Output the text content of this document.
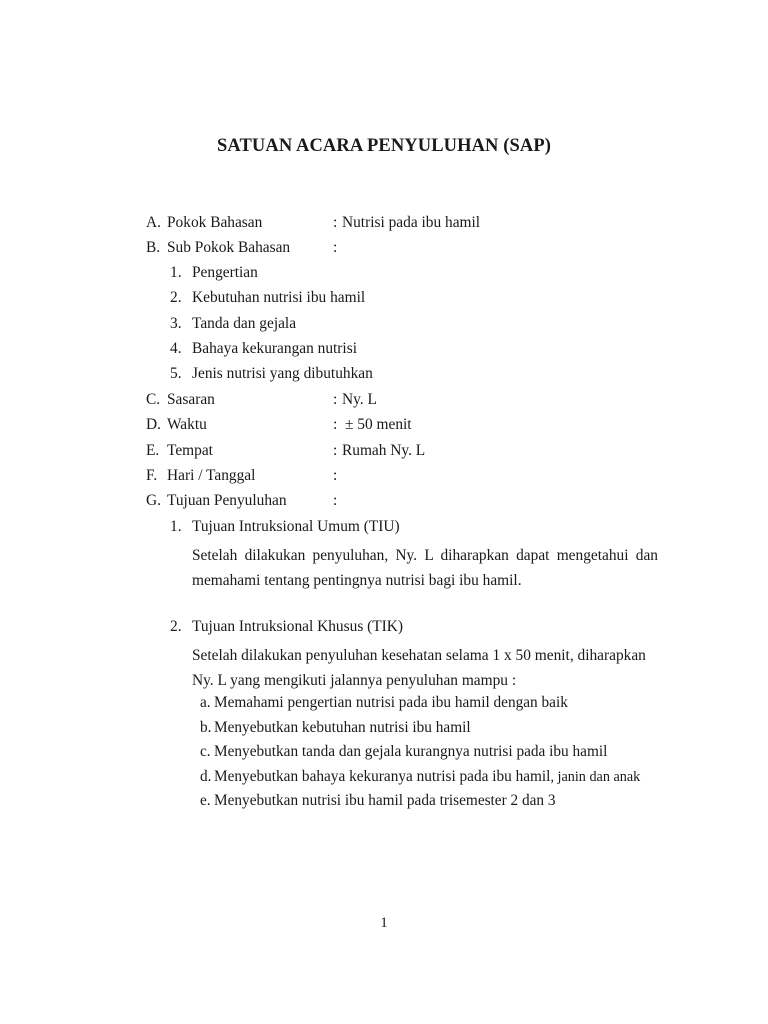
SATUAN ACARA PENYULUHAN (SAP)
A. Pokok Bahasan	: Nutrisi pada ibu hamil
B. Sub Pokok Bahasan	:
C. Sasaran	: Ny. L
D. Waktu	: ± 50 menit
E. Tempat	: Rumah Ny. L
F. Hari / Tanggal	:
G. Tujuan Penyuluhan	:
1. Pengertian
2. Kebutuhan nutrisi ibu hamil
3. Tanda dan gejala
4. Bahaya kekurangan nutrisi
5. Jenis nutrisi yang dibutuhkan
1. Tujuan Intruksional Umum (TIU)
Setelah dilakukan penyuluhan, Ny. L diharapkan dapat mengetahui dan memahami tentang pentingnya nutrisi bagi ibu hamil.
2. Tujuan Intruksional Khusus (TIK)
Setelah dilakukan penyuluhan kesehatan selama 1 x 50 menit, diharapkan Ny. L yang mengikuti jalannya penyuluhan mampu :
a. Memahami pengertian nutrisi pada ibu hamil dengan baik
b. Menyebutkan kebutuhan nutrisi ibu hamil
c. Menyebutkan tanda dan gejala kurangnya nutrisi pada ibu hamil
d. Menyebutkan bahaya kekuranya nutrisi pada ibu hamil, janin dan anak
e. Menyebutkan nutrisi ibu hamil pada trisemester 2 dan 3
1
